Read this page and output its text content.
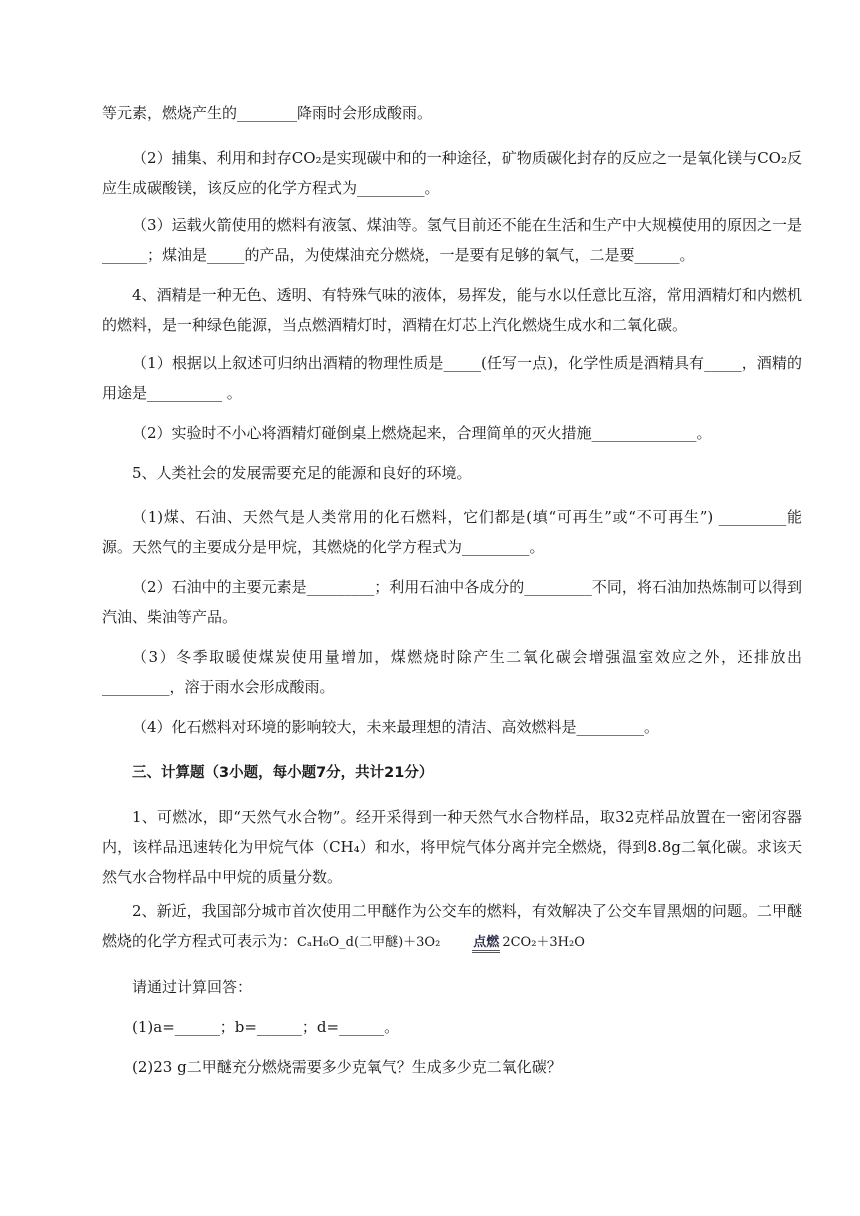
等元素，燃烧产生的________降雨时会形成酸雨。

（2）捕集、利用和封存CO₂是实现碳中和的一种途径，矿物质碳化封存的反应之一是氧化镁与CO₂反应生成碳酸镁，该反应的化学方程式为_________。

（3）运载火箭使用的燃料有液氢、煤油等。氢气目前还不能在生活和生产中大规模使用的原因之一是______；煤油是_____的产品，为使煤油充分燃烧，一是要有足够的氧气，二是要______。

4、酒精是一种无色、透明、有特殊气味的液体，易挥发，能与水以任意比互溶，常用酒精灯和内燃机的燃料，是一种绿色能源，当点燃酒精灯时，酒精在灯芯上汽化燃烧生成水和二氧化碳。

（1）根据以上叙述可归纳出酒精的物理性质是_____(任写一点)，化学性质是酒精具有_____，酒精的用途是__________ 。

（2）实验时不小心将酒精灯碰倒桌上燃烧起来，合理简单的灭火措施______________。

5、人类社会的发展需要充足的能源和良好的环境。

（1)煤、石油、天然气是人类常用的化石燃料，它们都是(填“可再生”或“不可再生”) _________能源。天然气的主要成分是甲烷，其燃烧的化学方程式为_________。

（2）石油中的主要元素是_________；利用石油中各成分的_________不同，将石油加热炼制可以得到汽油、柴油等产品。

（3）冬季取暖使煤炭使用量增加，煤燃烧时除产生二氧化碳会增强温室效应之外，还排放出_________，溶于雨水会形成酸雨。

（4）化石燃料对环境的影响较大，未来最理想的清洁、高效燃料是_________。

三、计算题（3小题，每小题7分，共计21分）

1、可燃冰，即“天然气水合物”。经开采得到一种天然气水合物样品，取32克样品放置在一密闭容器内，该样品迅速转化为甲烷气体（CH₄）和水，将甲烷气体分离并完全燃烧，得到8.8g二氧化碳。求该天然气水合物样品中甲烷的质量分数。

2、新近，我国部分城市首次使用二甲醚作为公交车的燃料，有效解决了公交车冒黑烟的问题。二甲醚燃烧的化学方程式可表示为：CₐH₆O_d(二甲醚)＋3O₂	点燃 2CO₂＋3H₂O

请通过计算回答：

(1)a=______；b=______；d=______。

(2)23 g二甲醚充分燃烧需要多少克氧气？生成多少克二氧化碳？
